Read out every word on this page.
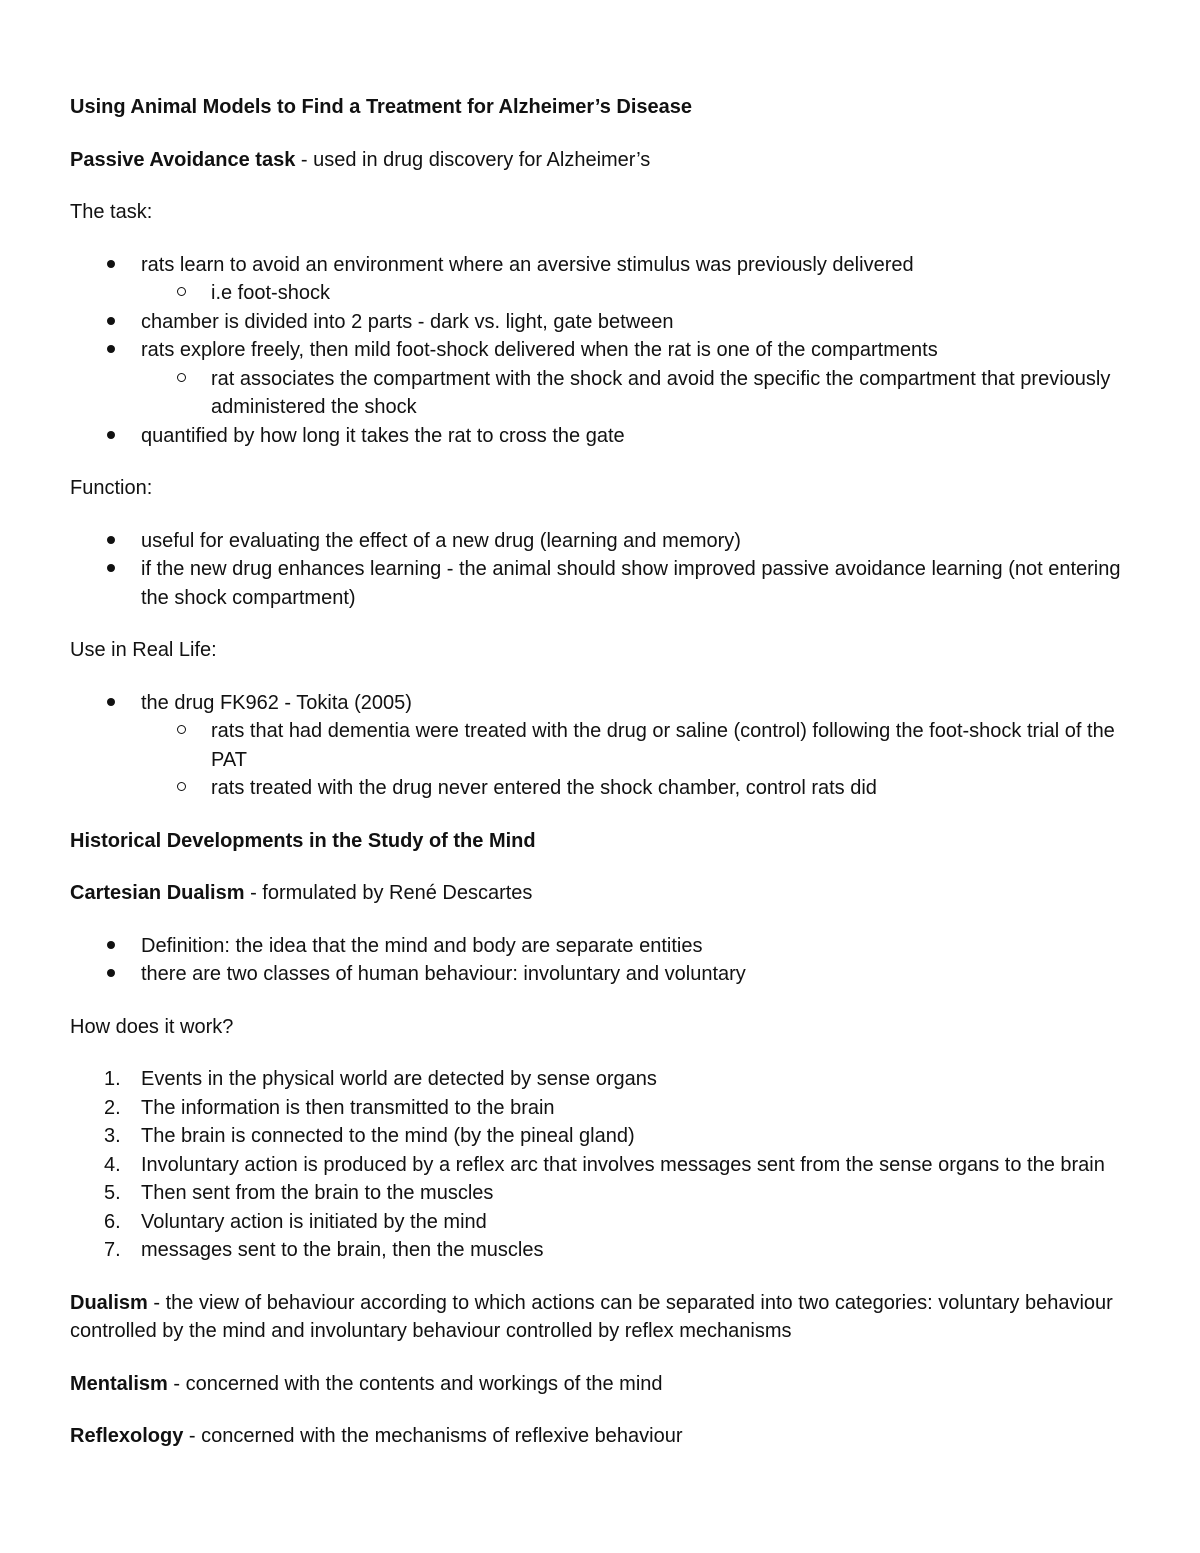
Using Animal Models to Find a Treatment for Alzheimer’s Disease
Passive Avoidance task - used in drug discovery for Alzheimer’s
The task:
rats learn to avoid an environment where an aversive stimulus was previously delivered
i.e foot-shock
chamber is divided into 2 parts - dark vs. light, gate between
rats explore freely, then mild foot-shock delivered when the rat is one of the compartments
rat associates the compartment with the shock and avoid the specific the compartment that previously administered the shock
quantified by how long it takes the rat to cross the gate
Function:
useful for evaluating the effect of a new drug (learning and memory)
if the new drug enhances learning - the animal should show improved passive avoidance learning (not entering the shock compartment)
Use in Real Life:
the drug FK962 - Tokita (2005)
rats that had dementia were treated with the drug or saline (control) following the foot-shock trial of the PAT
rats treated with the drug never entered the shock chamber, control rats did
Historical Developments in the Study of the Mind
Cartesian Dualism - formulated by René Descartes
Definition: the idea that the mind and body are separate entities
there are two classes of human behaviour: involuntary and voluntary
How does it work?
1. Events in the physical world are detected by sense organs
2. The information is then transmitted to the brain
3. The brain is connected to the mind (by the pineal gland)
4. Involuntary action is produced by a reflex arc that involves messages sent from the sense organs to the brain
5. Then sent from the brain to the muscles
6. Voluntary action is initiated by the mind
7. messages sent to the brain, then the muscles
Dualism - the view of behaviour according to which actions can be separated into two categories: voluntary behaviour controlled by the mind and involuntary behaviour controlled by reflex mechanisms
Mentalism - concerned with the contents and workings of the mind
Reflexology - concerned with the mechanisms of reflexive behaviour
